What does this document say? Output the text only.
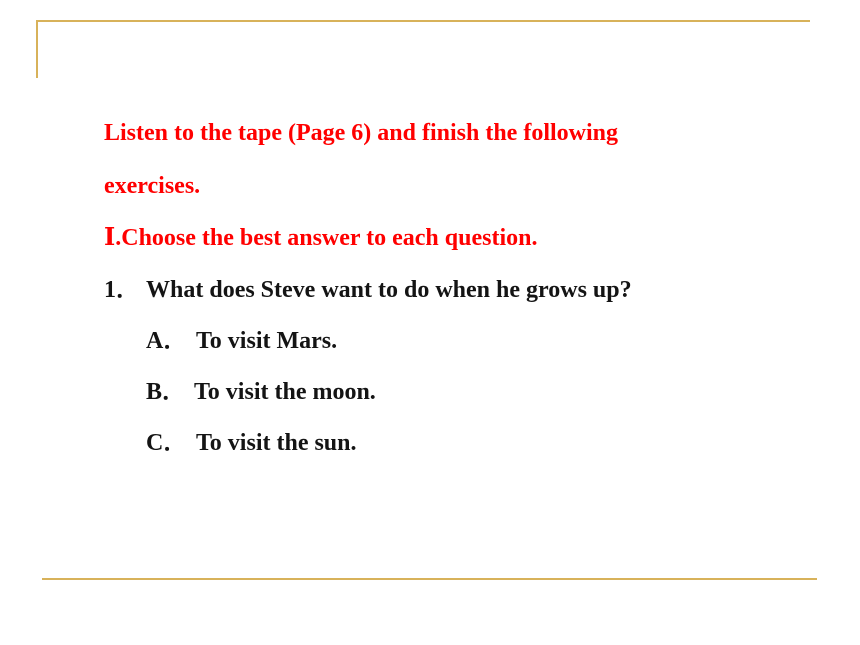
Listen to the tape (Page 6) and finish the following

exercises.

Ⅰ.Choose the best answer to each question.

1． What does Steve want to do when he grows up?

A． To visit Mars.

B． To visit the moon.

C． To visit the sun.
